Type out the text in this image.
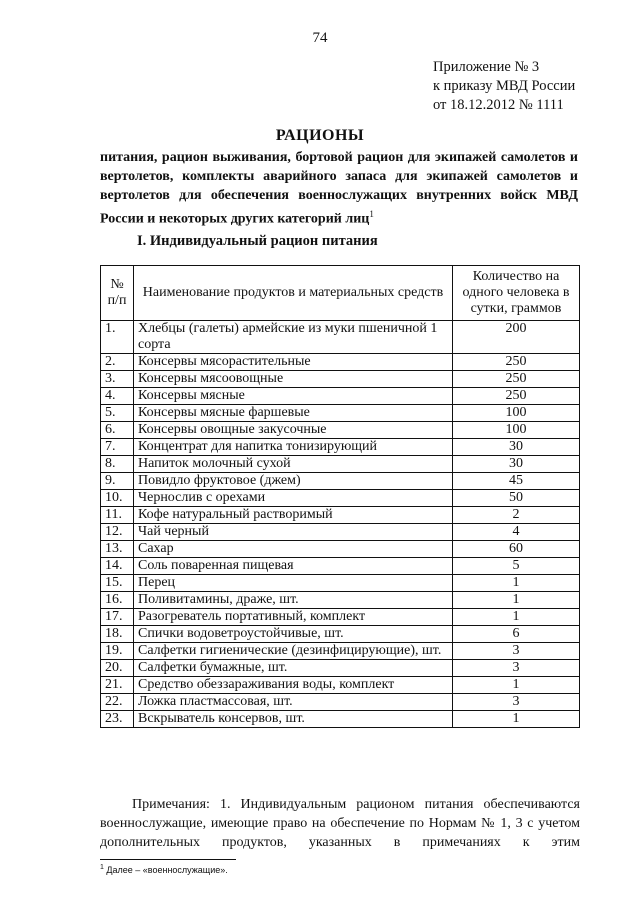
74
Приложение № 3
к приказу МВД России
от 18.12.2012 № 1111
РАЦИОНЫ
питания, рацион выживания, бортовой рацион для экипажей самолетов и вертолетов, комплекты аварийного запаса для экипажей самолетов и вертолетов для обеспечения военнослужащих внутренних войск МВД России и некоторых других категорий лиц$^1$
I. Индивидуальный рацион питания
№ п/п	Наименование продуктов и материальных средств	Количество на одного человека в сутки, граммов
1.	Хлебцы (галеты) армейские из муки пшеничной 1 сорта	200
2.	Консервы мясорастительные	250
3.	Консервы мясоовощные	250
4.	Консервы мясные	250
5.	Консервы мясные фаршевые	100
6.	Консервы овощные закусочные	100
7.	Концентрат для напитка тонизирующий	30
8.	Напиток молочный сухой	30
9.	Повидло фруктовое (джем)	45
10.	Чернослив с орехами	50
11.	Кофе натуральный растворимый	2
12.	Чай черный	4
13.	Сахар	60
14.	Соль поваренная пищевая	5
15.	Перец	1
16.	Поливитамины, драже, шт.	1
17.	Разогреватель портативный, комплект	1
18.	Спички водоветроустойчивые, шт.	6
19.	Салфетки гигиенические (дезинфицирующие), шт.	3
20.	Салфетки бумажные, шт.	3
21.	Средство обеззараживания воды, комплект	1
22.	Ложка пластмассовая, шт.	3
23.	Вскрыватель консервов, шт.	1
Примечания: 1. Индивидуальным рационом питания обеспечиваются военнослужащие, имеющие право на обеспечение по Нормам № 1, 3 с учетом дополнительных продуктов, указанных в примечаниях к этим
$^1$ Далее – «военнослужащие».
